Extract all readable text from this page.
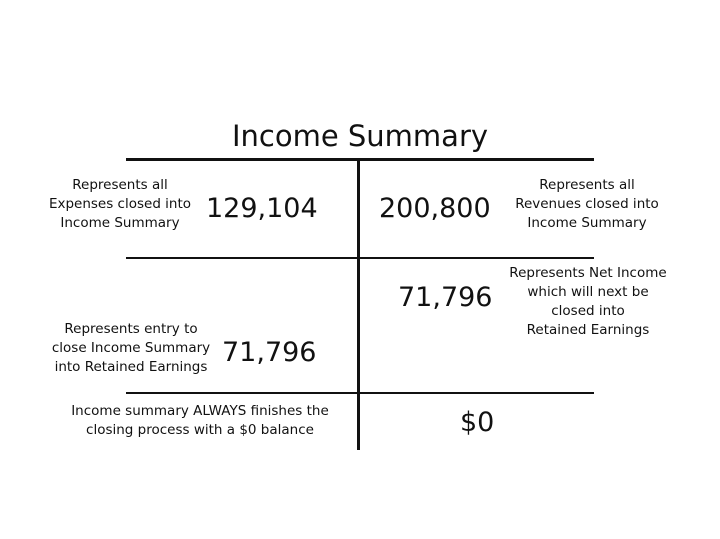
Income Summary
Represents all
Expenses closed into
Income Summary 129,104
Represents entry to
close Income Summary
into Retained Earnings 71,796
200,800
Represents all
Revenues closed into
Income Summary
71,796
Represents Net Income
which will next be
closed into
Retained Earnings
Income summary ALWAYS finishes the
closing process with a $0 balance	$0
